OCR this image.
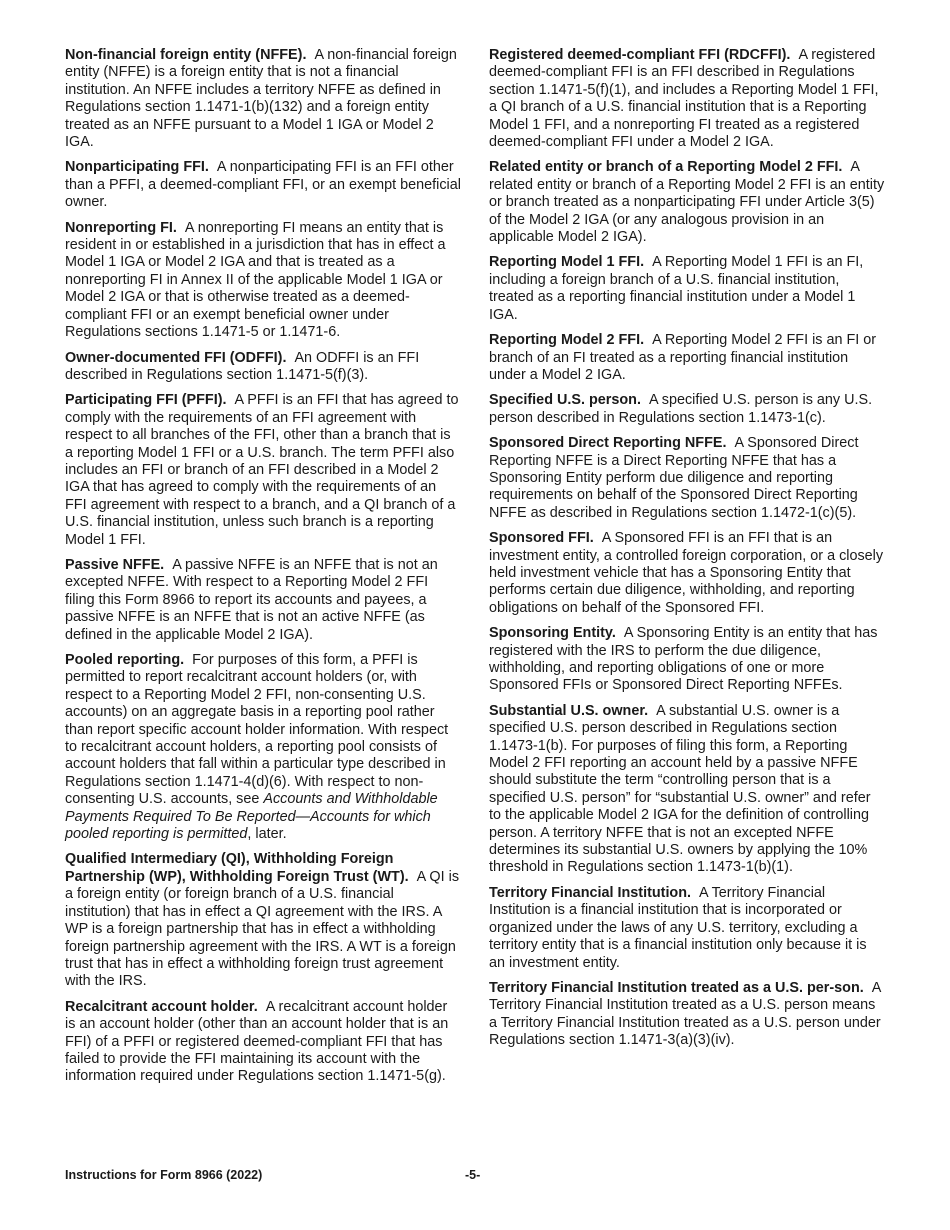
Non-financial foreign entity (NFFE). A non-financial foreign entity (NFFE) is a foreign entity that is not a financial institution. An NFFE includes a territory NFFE as defined in Regulations section 1.1471-1(b)(132) and a foreign entity treated as an NFFE pursuant to a Model 1 IGA or Model 2 IGA.

Nonparticipating FFI. A nonparticipating FFI is an FFI other than a PFFI, a deemed-compliant FFI, or an exempt beneficial owner.

Nonreporting FI. A nonreporting FI means an entity that is resident in or established in a jurisdiction that has in effect a Model 1 IGA or Model 2 IGA and that is treated as a nonreporting FI in Annex II of the applicable Model 1 IGA or Model 2 IGA or that is otherwise treated as a deemed-compliant FFI or an exempt beneficial owner under Regulations sections 1.1471-5 or 1.1471-6.

Owner-documented FFI (ODFFI). An ODFFI is an FFI described in Regulations section 1.1471-5(f)(3).

Participating FFI (PFFI). A PFFI is an FFI that has agreed to comply with the requirements of an FFI agreement with respect to all branches of the FFI, other than a branch that is a reporting Model 1 FFI or a U.S. branch. The term PFFI also includes an FFI or branch of an FFI described in a Model 2 IGA that has agreed to comply with the requirements of an FFI agreement with respect to a branch, and a QI branch of a U.S. financial institution, unless such branch is a reporting Model 1 FFI.

Passive NFFE. A passive NFFE is an NFFE that is not an excepted NFFE. With respect to a Reporting Model 2 FFI filing this Form 8966 to report its accounts and payees, a passive NFFE is an NFFE that is not an active NFFE (as defined in the applicable Model 2 IGA).

Pooled reporting. For purposes of this form, a PFFI is permitted to report recalcitrant account holders (or, with respect to a Reporting Model 2 FFI, non-consenting U.S. accounts) on an aggregate basis in a reporting pool rather than report specific account holder information. With respect to recalcitrant account holders, a reporting pool consists of account holders that fall within a particular type described in Regulations section 1.1471-4(d)(6). With respect to non-consenting U.S. accounts, see Accounts and Withholdable Payments Required To Be Reported—Accounts for which pooled reporting is permitted, later.

Qualified Intermediary (QI), Withholding Foreign Partnership (WP), Withholding Foreign Trust (WT). A QI is a foreign entity (or foreign branch of a U.S. financial institution) that has in effect a QI agreement with the IRS. A WP is a foreign partnership that has in effect a withholding foreign partnership agreement with the IRS. A WT is a foreign trust that has in effect a withholding foreign trust agreement with the IRS.

Recalcitrant account holder. A recalcitrant account holder is an account holder (other than an account holder that is an FFI) of a PFFI or registered deemed-compliant FFI that has failed to provide the FFI maintaining its account with the information required under Regulations section 1.1471-5(g).

Registered deemed-compliant FFI (RDCFFI). A registered deemed-compliant FFI is an FFI described in Regulations section 1.1471-5(f)(1), and includes a Reporting Model 1 FFI, a QI branch of a U.S. financial institution that is a Reporting Model 1 FFI, and a nonreporting FI treated as a registered deemed-compliant FFI under a Model 2 IGA.

Related entity or branch of a Reporting Model 2 FFI. A related entity or branch of a Reporting Model 2 FFI is an entity or branch treated as a nonparticipating FFI under Article 3(5) of the Model 2 IGA (or any analogous provision in an applicable Model 2 IGA).

Reporting Model 1 FFI. A Reporting Model 1 FFI is an FI, including a foreign branch of a U.S. financial institution, treated as a reporting financial institution under a Model 1 IGA.

Reporting Model 2 FFI. A Reporting Model 2 FFI is an FI or branch of an FI treated as a reporting financial institution under a Model 2 IGA.

Specified U.S. person. A specified U.S. person is any U.S. person described in Regulations section 1.1473-1(c).

Sponsored Direct Reporting NFFE. A Sponsored Direct Reporting NFFE is a Direct Reporting NFFE that has a Sponsoring Entity perform due diligence and reporting requirements on behalf of the Sponsored Direct Reporting NFFE as described in Regulations section 1.1472-1(c)(5).

Sponsored FFI. A Sponsored FFI is an FFI that is an investment entity, a controlled foreign corporation, or a closely held investment vehicle that has a Sponsoring Entity that performs certain due diligence, withholding, and reporting obligations on behalf of the Sponsored FFI.

Sponsoring Entity. A Sponsoring Entity is an entity that has registered with the IRS to perform the due diligence, withholding, and reporting obligations of one or more Sponsored FFIs or Sponsored Direct Reporting NFFEs.

Substantial U.S. owner. A substantial U.S. owner is a specified U.S. person described in Regulations section 1.1473-1(b). For purposes of filing this form, a Reporting Model 2 FFI reporting an account held by a passive NFFE should substitute the term “controlling person that is a specified U.S. person” for “substantial U.S. owner” and refer to the applicable Model 2 IGA for the definition of controlling person. A territory NFFE that is not an excepted NFFE determines its substantial U.S. owners by applying the 10% threshold in Regulations section 1.1473-1(b)(1).

Territory Financial Institution. A Territory Financial Institution is a financial institution that is incorporated or organized under the laws of any U.S. territory, excluding a territory entity that is a financial institution only because it is an investment entity.

Territory Financial Institution treated as a U.S. per-son. A Territory Financial Institution treated as a U.S. person means a Territory Financial Institution treated as a U.S. person under Regulations section 1.1471-3(a)(3)(iv).

Instructions for Form 8966 (2022)	-5-
